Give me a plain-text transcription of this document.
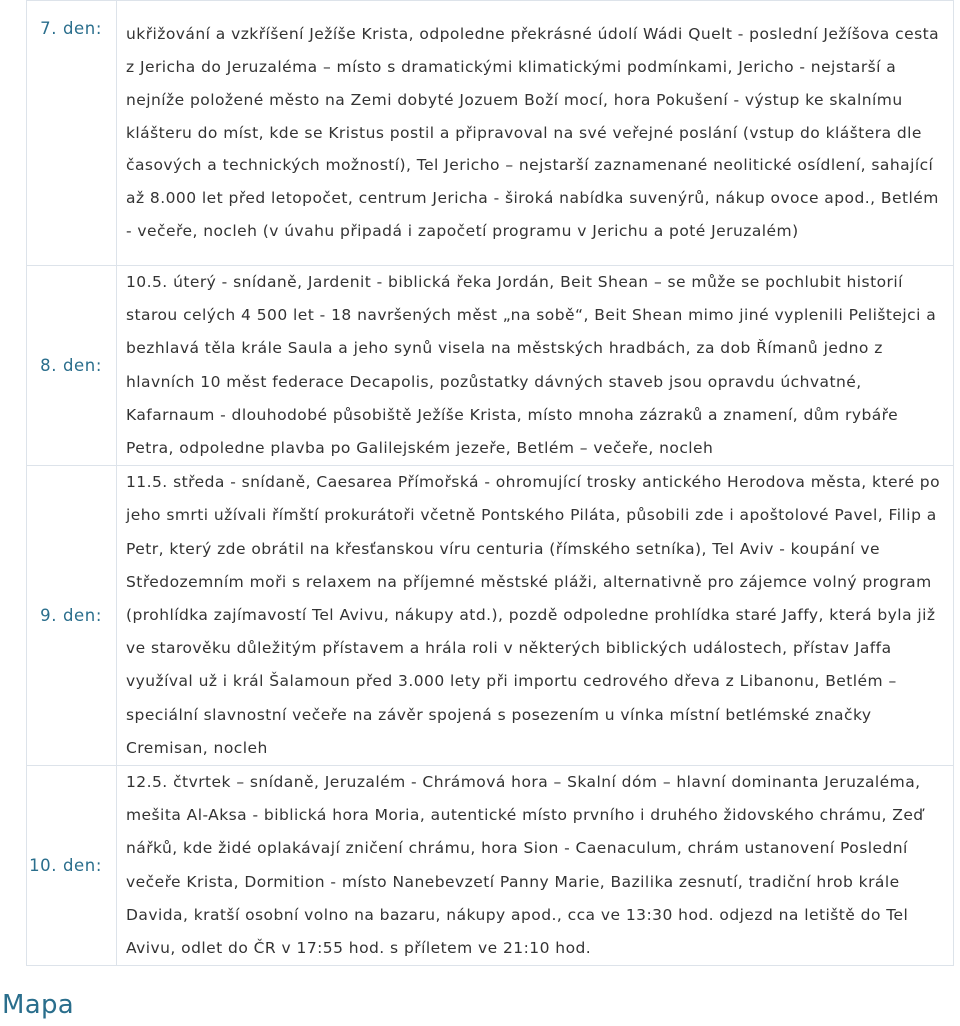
7. den:	ukřižování a vzkříšení Ježíše Krista, odpoledne překrásné údolí Wádi Quelt - poslední Ježíšova cesta z Jericha do Jeruzaléma – místo s dramatickými klimatickými podmínkami, Jericho - nejstarší a nejníže položené město na Zemi dobyté Jozuem Boží mocí, hora Pokušení - výstup ke skalnímu klášteru do míst, kde se Kristus postil a připravoval na své veřejné poslání (vstup do kláštera dle časových a technických možností), Tel Jericho – nejstarší zaznamenané neolitické osídlení, sahající až 8.000 let před letopočet, centrum Jericha - široká nabídka suvenýrů, nákup ovoce apod., Betlém - večeře, nocleh (v úvahu připadá i započetí programu v Jerichu a poté Jeruzalém)
8. den:	10.5. úterý - snídaně, Jardenit - biblická řeka Jordán, Beit Shean – se může se pochlubit historií starou celých 4 500 let - 18 navršených měst „na sobě“, Beit Shean mimo jiné vyplenili Pelištejci a bezhlavá těla krále Saula a jeho synů visela na městských hradbách, za dob Římanů jedno z hlavních 10 měst federace Decapolis, pozůstatky dávných staveb jsou opravdu úchvatné, Kafarnaum - dlouhodobé působiště Ježíše Krista, místo mnoha zázraků a znamení, dům rybáře Petra, odpoledne plavba po Galilejském jezeře, Betlém – večeře, nocleh
9. den:	11.5. středa - snídaně, Caesarea Přímořská - ohromující trosky antického Herodova města, které po jeho smrti užívali římští prokurátoři včetně Pontského Piláta, působili zde i apoštolové Pavel, Filip a Petr, který zde obrátil na křesťanskou víru centuria (římského setníka), Tel Aviv - koupání ve Středozemním moři s relaxem na příjemné městské pláži, alternativně pro zájemce volný program (prohlídka zajímavostí Tel Avivu, nákupy atd.), pozdě odpoledne prohlídka staré Jaffy, která byla již ve starověku důležitým přístavem a hrála roli v některých biblických událostech, přístav Jaffa využíval už i král Šalamoun před 3.000 lety při importu cedrového dřeva z Libanonu, Betlém – speciální slavnostní večeře na závěr spojená s posezením u vínka místní betlémské značky Cremisan, nocleh
10. den:	12.5. čtvrtek – snídaně, Jeruzalém - Chrámová hora – Skalní dóm – hlavní dominanta Jeruzaléma, mešita Al-Aksa - biblická hora Moria, autentické místo prvního i druhého židovského chrámu, Zeď nářků, kde židé oplakávají zničení chrámu, hora Sion - Caenaculum, chrám ustanovení Poslední večeře Krista, Dormition - místo Nanebevzetí Panny Marie, Bazilika zesnutí, tradiční hrob krále Davida, kratší osobní volno na bazaru, nákupy apod., cca ve 13:30 hod. odjezd na letiště do Tel Avivu, odlet do ČR v 17:55 hod. s příletem ve 21:10 hod.
Mapa
